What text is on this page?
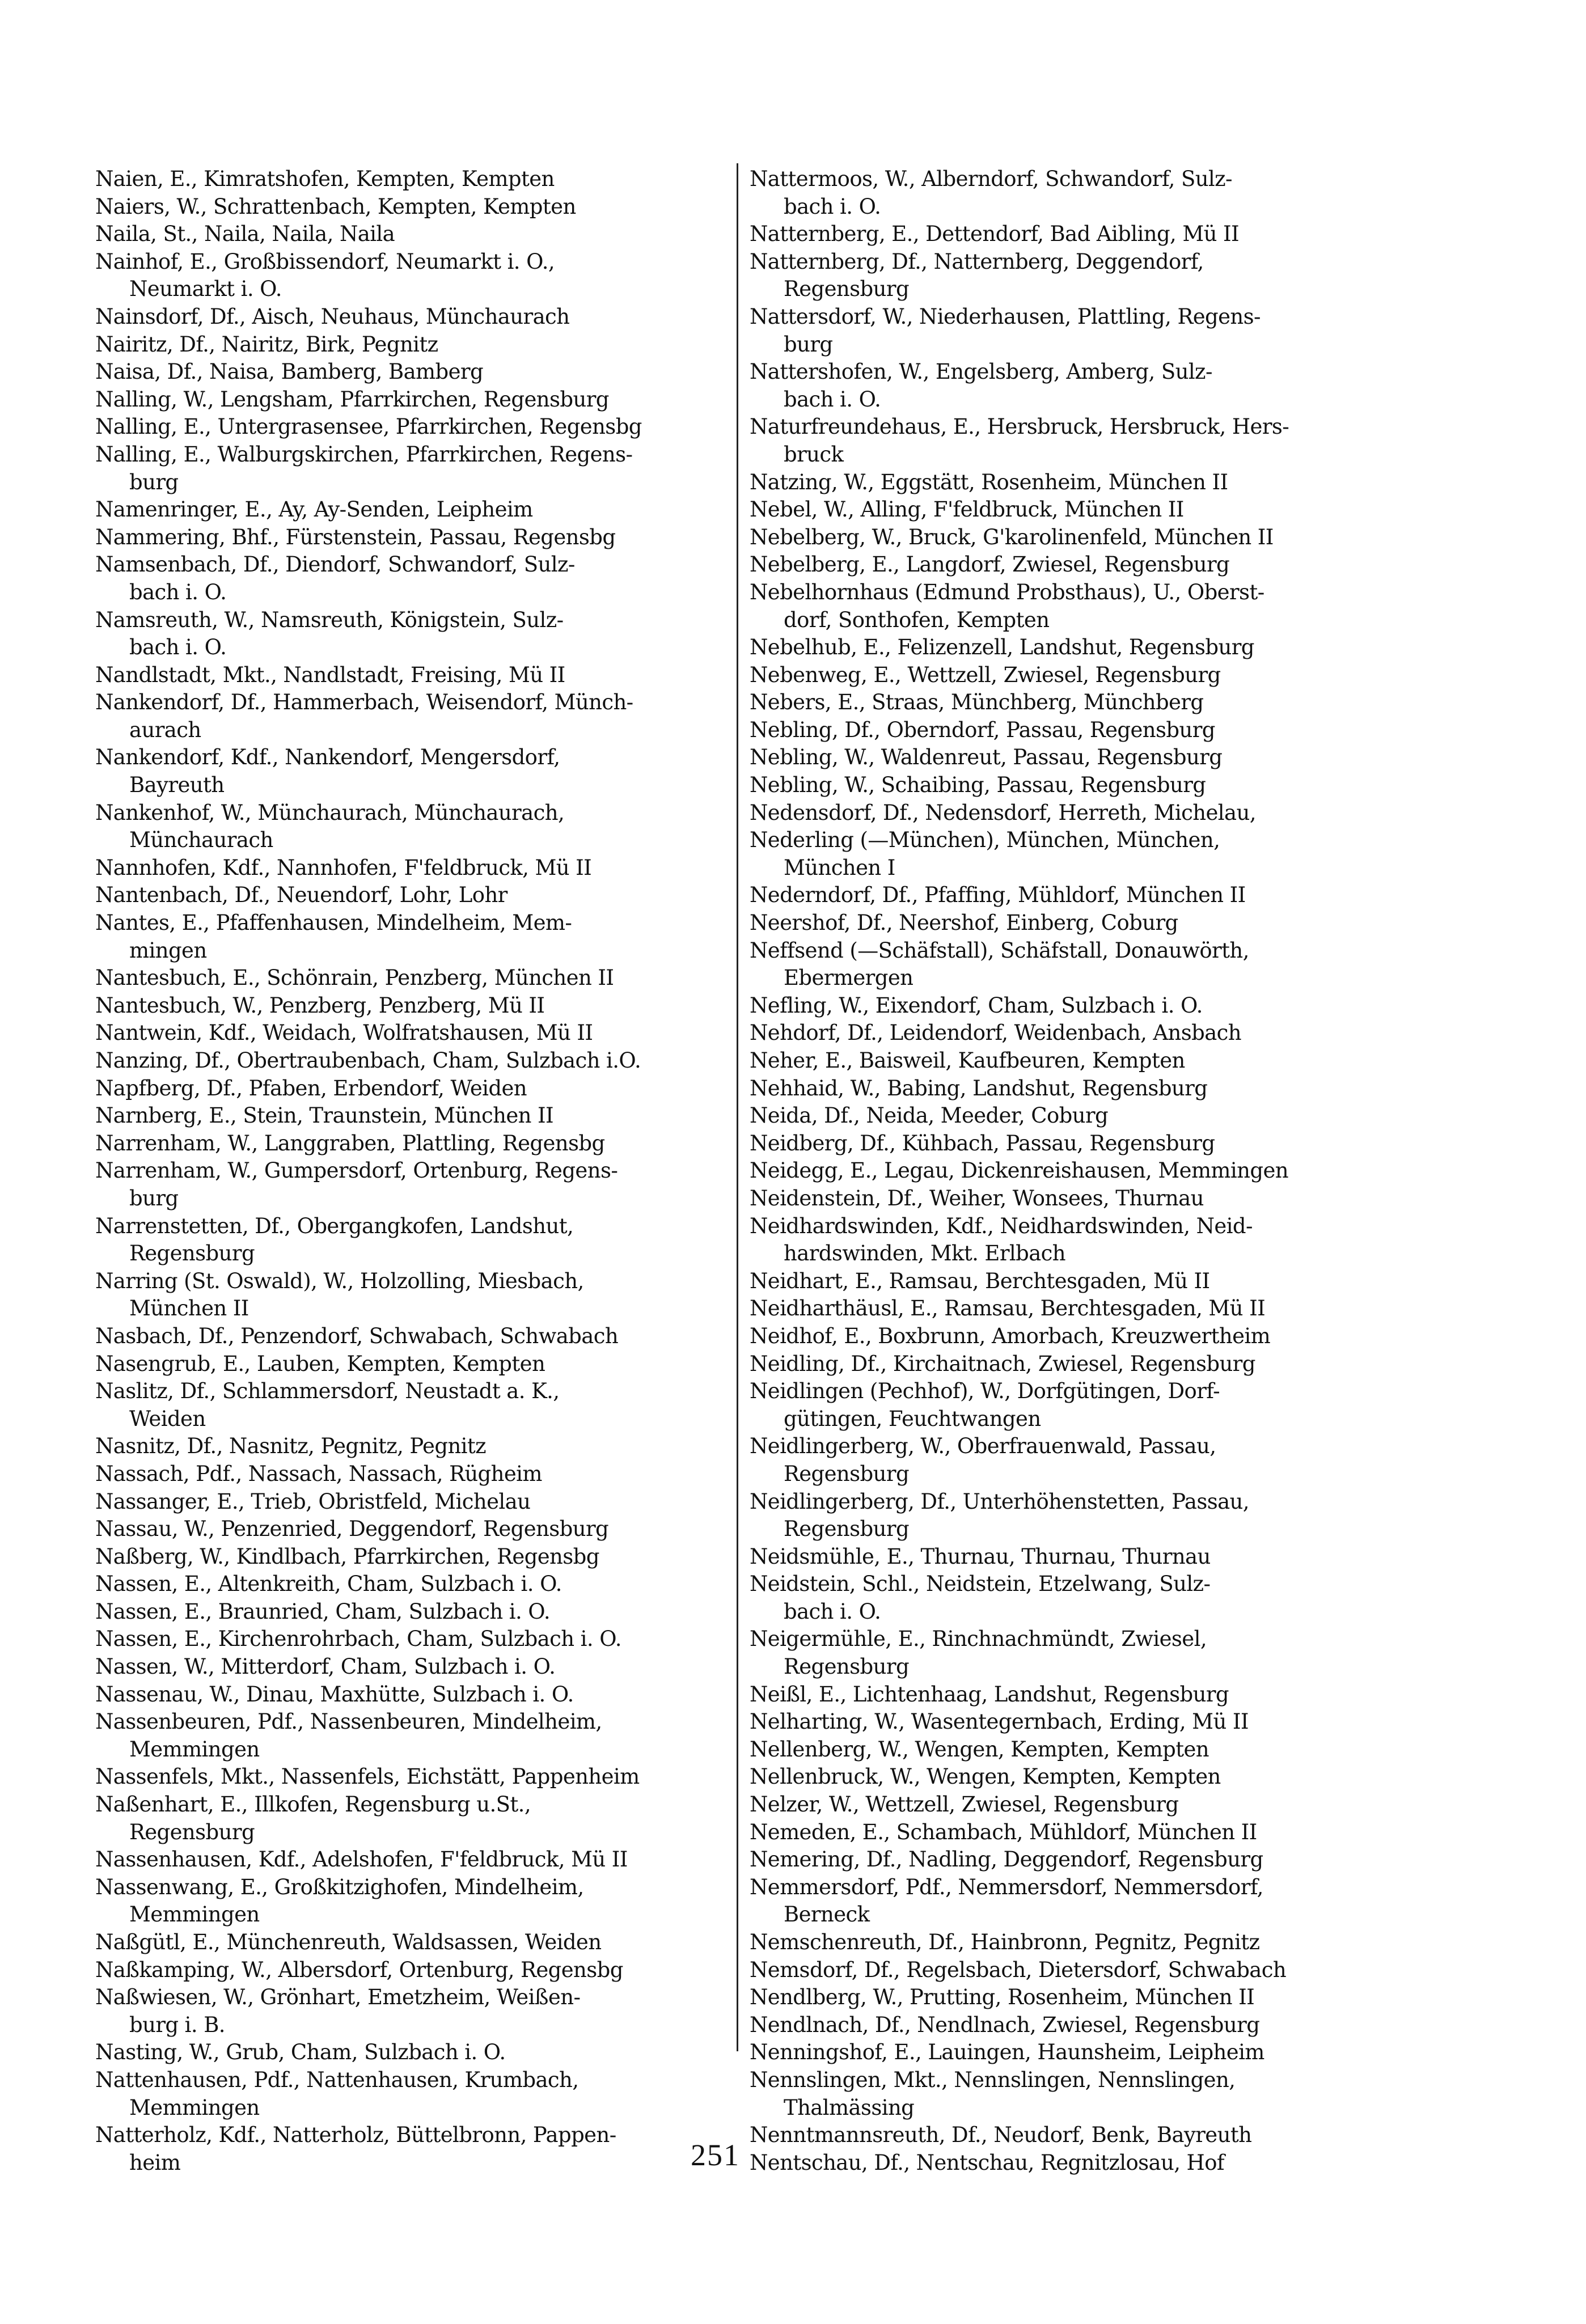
Naien, E., Kimratshofen, Kempten, Kempten
Naiers, W., Schrattenbach, Kempten, Kempten
Naila, St., Naila, Naila, Naila
Nainhof, E., Großbissendorf, Neumarkt i. O.,
Neumarkt i. O.
Nainsdorf, Df., Aisch, Neuhaus, Münchaurach
Nairitz, Df., Nairitz, Birk, Pegnitz
Naisa, Df., Naisa, Bamberg, Bamberg
Nalling, W., Lengsham, Pfarrkirchen, Regensburg
Nalling, E., Untergrasensee, Pfarrkirchen, Regensbg
Nalling, E., Walburgskirchen, Pfarrkirchen, Regens-
burg
Namenringer, E., Ay, Ay-Senden, Leipheim
Nammering, Bhf., Fürstenstein, Passau, Regensbg
Namsenbach, Df., Diendorf, Schwandorf, Sulz-
bach i. O.
Namsreuth, W., Namsreuth, Königstein, Sulz-
bach i. O.
Nandlstadt, Mkt., Nandlstadt, Freising, Mü II
Nankendorf, Df., Hammerbach, Weisendorf, Münch-
aurach
Nankendorf, Kdf., Nankendorf, Mengersdorf,
Bayreuth
Nankenhof, W., Münchaurach, Münchaurach,
Münchaurach
Nannhofen, Kdf., Nannhofen, F'feldbruck, Mü II
Nantenbach, Df., Neuendorf, Lohr, Lohr
Nantes, E., Pfaffenhausen, Mindelheim, Mem-
mingen
Nantesbuch, E., Schönrain, Penzberg, München II
Nantesbuch, W., Penzberg, Penzberg, Mü II
Nantwein, Kdf., Weidach, Wolfratshausen, Mü II
Nanzing, Df., Obertraubenbach, Cham, Sulzbach i.O.
Napfberg, Df., Pfaben, Erbendorf, Weiden
Narnberg, E., Stein, Traunstein, München II
Narrenham, W., Langgraben, Plattling, Regensbg
Narrenham, W., Gumpersdorf, Ortenburg, Regens-
burg
Narrenstetten, Df., Obergangkofen, Landshut,
Regensburg
Narring (St. Oswald), W., Holzolling, Miesbach,
München II
Nasbach, Df., Penzendorf, Schwabach, Schwabach
Nasengrub, E., Lauben, Kempten, Kempten
Naslitz, Df., Schlammersdorf, Neustadt a. K.,
Weiden
Nasnitz, Df., Nasnitz, Pegnitz, Pegnitz
Nassach, Pdf., Nassach, Nassach, Rügheim
Nassanger, E., Trieb, Obristfeld, Michelau
Nassau, W., Penzenried, Deggendorf, Regensburg
Naßberg, W., Kindlbach, Pfarrkirchen, Regensbg
Nassen, E., Altenkreith, Cham, Sulzbach i. O.
Nassen, E., Braunried, Cham, Sulzbach i. O.
Nassen, E., Kirchenrohrbach, Cham, Sulzbach i. O.
Nassen, W., Mitterdorf, Cham, Sulzbach i. O.
Nassenau, W., Dinau, Maxhütte, Sulzbach i. O.
Nassenbeuren, Pdf., Nassenbeuren, Mindelheim,
Memmingen
Nassenfels, Mkt., Nassenfels, Eichstätt, Pappenheim
Naßenhart, E., Illkofen, Regensburg u.St.,
Regensburg
Nassenhausen, Kdf., Adelshofen, F'feldbruck, Mü II
Nassenwang, E., Großkitzighofen, Mindelheim,
Memmingen
Naßgütl, E., Münchenreuth, Waldsassen, Weiden
Naßkamping, W., Albersdorf, Ortenburg, Regensbg
Naßwiesen, W., Grönhart, Emetzheim, Weißen-
burg i. B.
Nasting, W., Grub, Cham, Sulzbach i. O.
Nattenhausen, Pdf., Nattenhausen, Krumbach,
Memmingen
Natterholz, Kdf., Natterholz, Büttelbronn, Pappen-
heim
Nattermoos, W., Alberndorf, Schwandorf, Sulz-
bach i. O.
Natternberg, E., Dettendorf, Bad Aibling, Mü II
Natternberg, Df., Natternberg, Deggendorf,
Regensburg
Nattersdorf, W., Niederhausen, Plattling, Regens-
burg
Nattershofen, W., Engelsberg, Amberg, Sulz-
bach i. O.
Naturfreundehaus, E., Hersbruck, Hersbruck, Hers-
bruck
Natzing, W., Eggstätt, Rosenheim, München II
Nebel, W., Alling, F'feldbruck, München II
Nebelberg, W., Bruck, G'karolinenfeld, München II
Nebelberg, E., Langdorf, Zwiesel, Regensburg
Nebelhornhaus (Edmund Probsthaus), U., Oberst-
dorf, Sonthofen, Kempten
Nebelhub, E., Felizenzell, Landshut, Regensburg
Nebenweg, E., Wettzell, Zwiesel, Regensburg
Nebers, E., Straas, Münchberg, Münchberg
Nebling, Df., Oberndorf, Passau, Regensburg
Nebling, W., Waldenreut, Passau, Regensburg
Nebling, W., Schaibing, Passau, Regensburg
Nedensdorf, Df., Nedensdorf, Herreth, Michelau,
Nederling (—München), München, München,
München I
Nederndorf, Df., Pfaffing, Mühldorf, München II
Neershof, Df., Neershof, Einberg, Coburg
Neffsend (—Schäfstall), Schäfstall, Donauwörth,
Ebermergen
Nefling, W., Eixendorf, Cham, Sulzbach i. O.
Nehdorf, Df., Leidendorf, Weidenbach, Ansbach
Neher, E., Baisweil, Kaufbeuren, Kempten
Nehhaid, W., Babing, Landshut, Regensburg
Neida, Df., Neida, Meeder, Coburg
Neidberg, Df., Kühbach, Passau, Regensburg
Neidegg, E., Legau, Dickenreishausen, Memmingen
Neidenstein, Df., Weiher, Wonsees, Thurnau
Neidhardswinden, Kdf., Neidhardswinden, Neid-
hardswinden, Mkt. Erlbach
Neidhart, E., Ramsau, Berchtesgaden, Mü II
Neidharthäusl, E., Ramsau, Berchtesgaden, Mü II
Neidhof, E., Boxbrunn, Amorbach, Kreuzwertheim
Neidling, Df., Kirchaitnach, Zwiesel, Regensburg
Neidlingen (Pechhof), W., Dorfgütingen, Dorf-
gütingen, Feuchtwangen
Neidlingerberg, W., Oberfrauenwald, Passau,
Regensburg
Neidlingerberg, Df., Unterhöhenstetten, Passau,
Regensburg
Neidsmühle, E., Thurnau, Thurnau, Thurnau
Neidstein, Schl., Neidstein, Etzelwang, Sulz-
bach i. O.
Neigermühle, E., Rinchnachmündt, Zwiesel,
Regensburg
Neißl, E., Lichtenhaag, Landshut, Regensburg
Nelharting, W., Wasentegernbach, Erding, Mü II
Nellenberg, W., Wengen, Kempten, Kempten
Nellenbruck, W., Wengen, Kempten, Kempten
Nelzer, W., Wettzell, Zwiesel, Regensburg
Nemeden, E., Schambach, Mühldorf, München II
Nemering, Df., Nadling, Deggendorf, Regensburg
Nemmersdorf, Pdf., Nemmersdorf, Nemmersdorf,
Berneck
Nemschenreuth, Df., Hainbronn, Pegnitz, Pegnitz
Nemsdorf, Df., Regelsbach, Dietersdorf, Schwabach
Nendlberg, W., Prutting, Rosenheim, München II
Nendlnach, Df., Nendlnach, Zwiesel, Regensburg
Nenningshof, E., Lauingen, Haunsheim, Leipheim
Nennslingen, Mkt., Nennslingen, Nennslingen,
Thalmässing
Nenntmannsreuth, Df., Neudorf, Benk, Bayreuth
Nentschau, Df., Nentschau, Regnitzlosau, Hof
251
